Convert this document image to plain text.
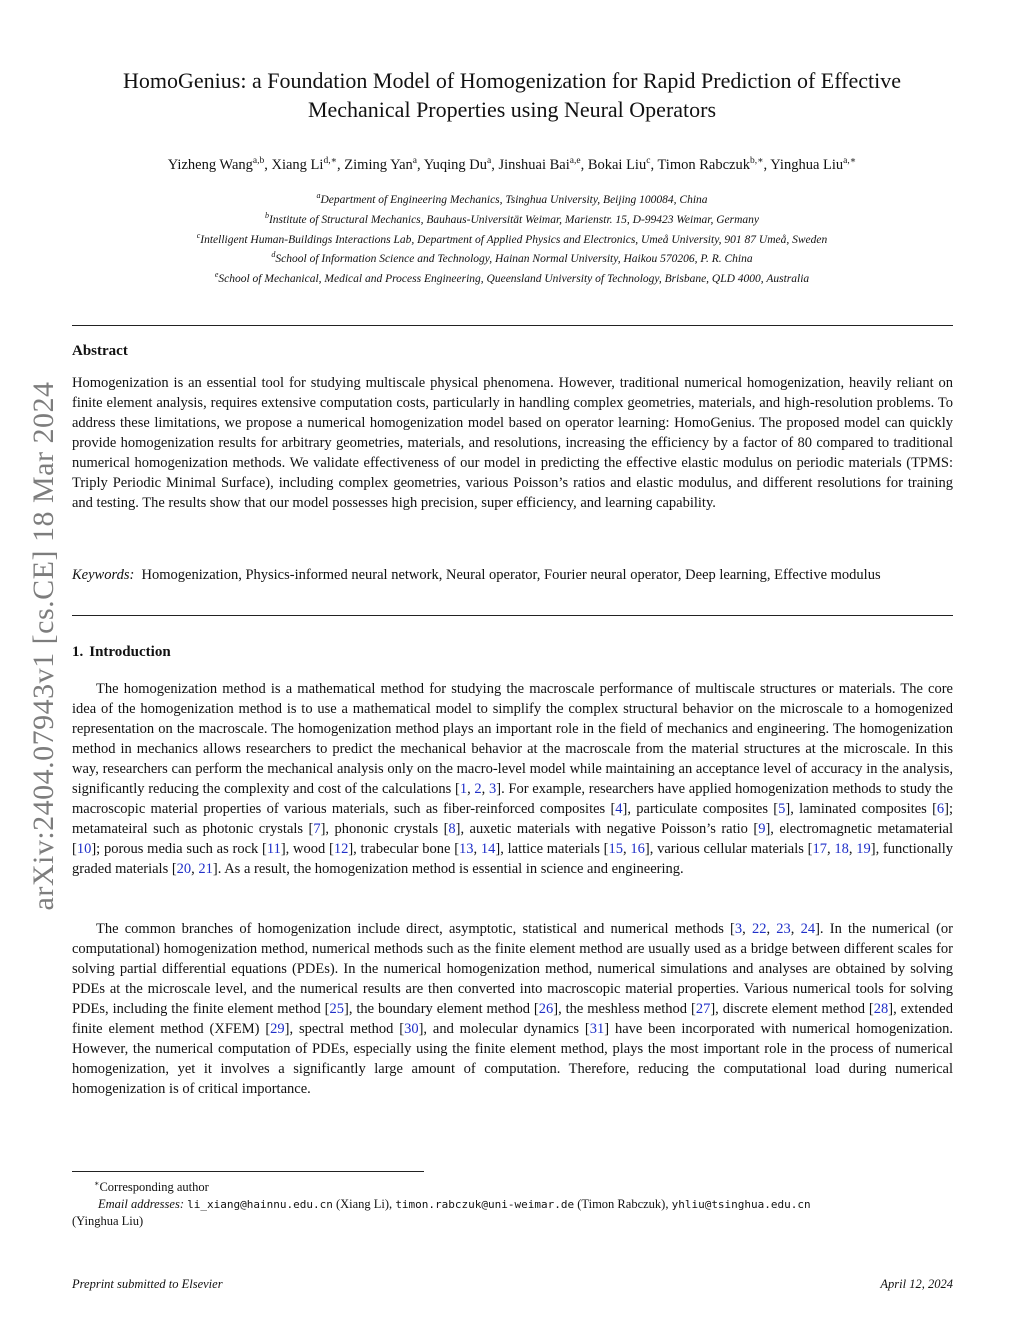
arXiv:2404.07943v1 [cs.CE] 18 Mar 2024
HomoGenius: a Foundation Model of Homogenization for Rapid Prediction of Effective
Mechanical Properties using Neural Operators
Yizheng Wang$^{a,b}$, Xiang $Li^{d,∗}$, Ziming Yan$^a$, Yuqing Du$^a$, Jinshuai Bai$^{a,e}$, Bokai Liu$^c$, Timon Rabczuk$^{b,∗}$, Yinghua Liu$^{a,∗}$
$^a$Department of Engineering Mechanics, Tsinghua University, Beijing 100084, China
$^b$Institute of Structural Mechanics, Bauhaus-Universität Weimar, Marienstr. 15, D-99423 Weimar, Germany
$^c$Intelligent Human-Buildings Interactions Lab, Department of Applied Physics and Electronics, Umeå University, 901 87 Umeå, Sweden
$^d$School of Information Science and Technology, Hainan Normal University, Haikou 570206, P. R. China
$^e$School of Mechanical, Medical and Process Engineering, Queensland University of Technology, Brisbane, QLD 4000, Australia
Abstract

Homogenization is an essential tool for studying multiscale physical phenomena. However, traditional numerical homogenization, heavily reliant on finite element analysis, requires extensive computation costs, particularly in handling complex geometries, materials, and high-resolution problems. To address these limitations, we propose a numerical homogenization model based on operator learning: HomoGenius. The proposed model can quickly provide homogenization results for arbitrary geometries, materials, and resolutions, increasing the efficiency by a factor of 80 compared to traditional numerical homogenization methods. We validate effectiveness of our model in predicting the effective elastic modulus on periodic materials (TPMS: Triply Periodic Minimal Surface), including complex geometries, various Poisson’s ratios and elastic modulus, and different resolutions for training and testing. The results show that our model possesses high precision, super efficiency, and learning capability.

Keywords: Homogenization, Physics-informed neural network, Neural operator, Fourier neural operator, Deep learning, Effective modulus

1. Introduction

The homogenization method is a mathematical method for studying the macroscale performance of multiscale structures or materials. The core idea of the homogenization method is to use a mathematical model to simplify the complex structural behavior on the microscale to a homogenized representation on the macroscale. The homogenization method plays an important role in the field of mechanics and engineering. The homogenization method in mechanics allows researchers to predict the mechanical behavior at the macroscale from the material structures at the microscale. In this way, researchers can perform the mechanical analysis only on the macro-level model while maintaining an acceptance level of accuracy in the analysis, significantly reducing the complexity and cost of the calculations [1, 2, 3]. For example, researchers have applied homogenization methods to study the macroscopic material properties of various materials, such as fiber-reinforced composites [4], particulate composites [5], laminated composites [6]; metamateiral such as photonic crystals [7], phononic crystals [8], auxetic materials with negative Poisson’s ratio [9], electromagnetic metamaterial [10]; porous media such as rock [11], wood [12], trabecular bone [13, 14], lattice materials [15, 16], various cellular materials [17, 18, 19], functionally graded materials [20, 21]. As a result, the homogenization method is essential in science and engineering.

The common branches of homogenization include direct, asymptotic, statistical and numerical methods [3, 22, 23, 24]. In the numerical (or computational) homogenization method, numerical methods such as the finite element method are usually used as a bridge between different scales for solving partial differential equations (PDEs). In the numerical homogenization method, numerical simulations and analyses are obtained by solving PDEs at the microscale level, and the numerical results are then converted into macroscopic material properties. Various numerical tools for solving PDEs, including the finite element method [25], the boundary element method [26], the meshless method [27], discrete element method [28], extended finite element method (XFEM) [29], spectral method [30], and molecular dynamics [31] have been incorporated with numerical homogenization. However, the numerical computation of PDEs, especially using the finite element method, plays the most important role in the process of numerical homogenization, yet it involves a significantly large amount of computation. Therefore, reducing the computational load during numerical homogenization is of critical importance.

∗Corresponding author
Email addresses: li_xiang@hainnu.edu.cn (Xiang Li), timon.rabczuk@uni-weimar.de (Timon Rabczuk), yhliu@tsinghua.edu.cn
(Yinghua Liu)
Preprint submitted to Elsevier	April 12, 2024
